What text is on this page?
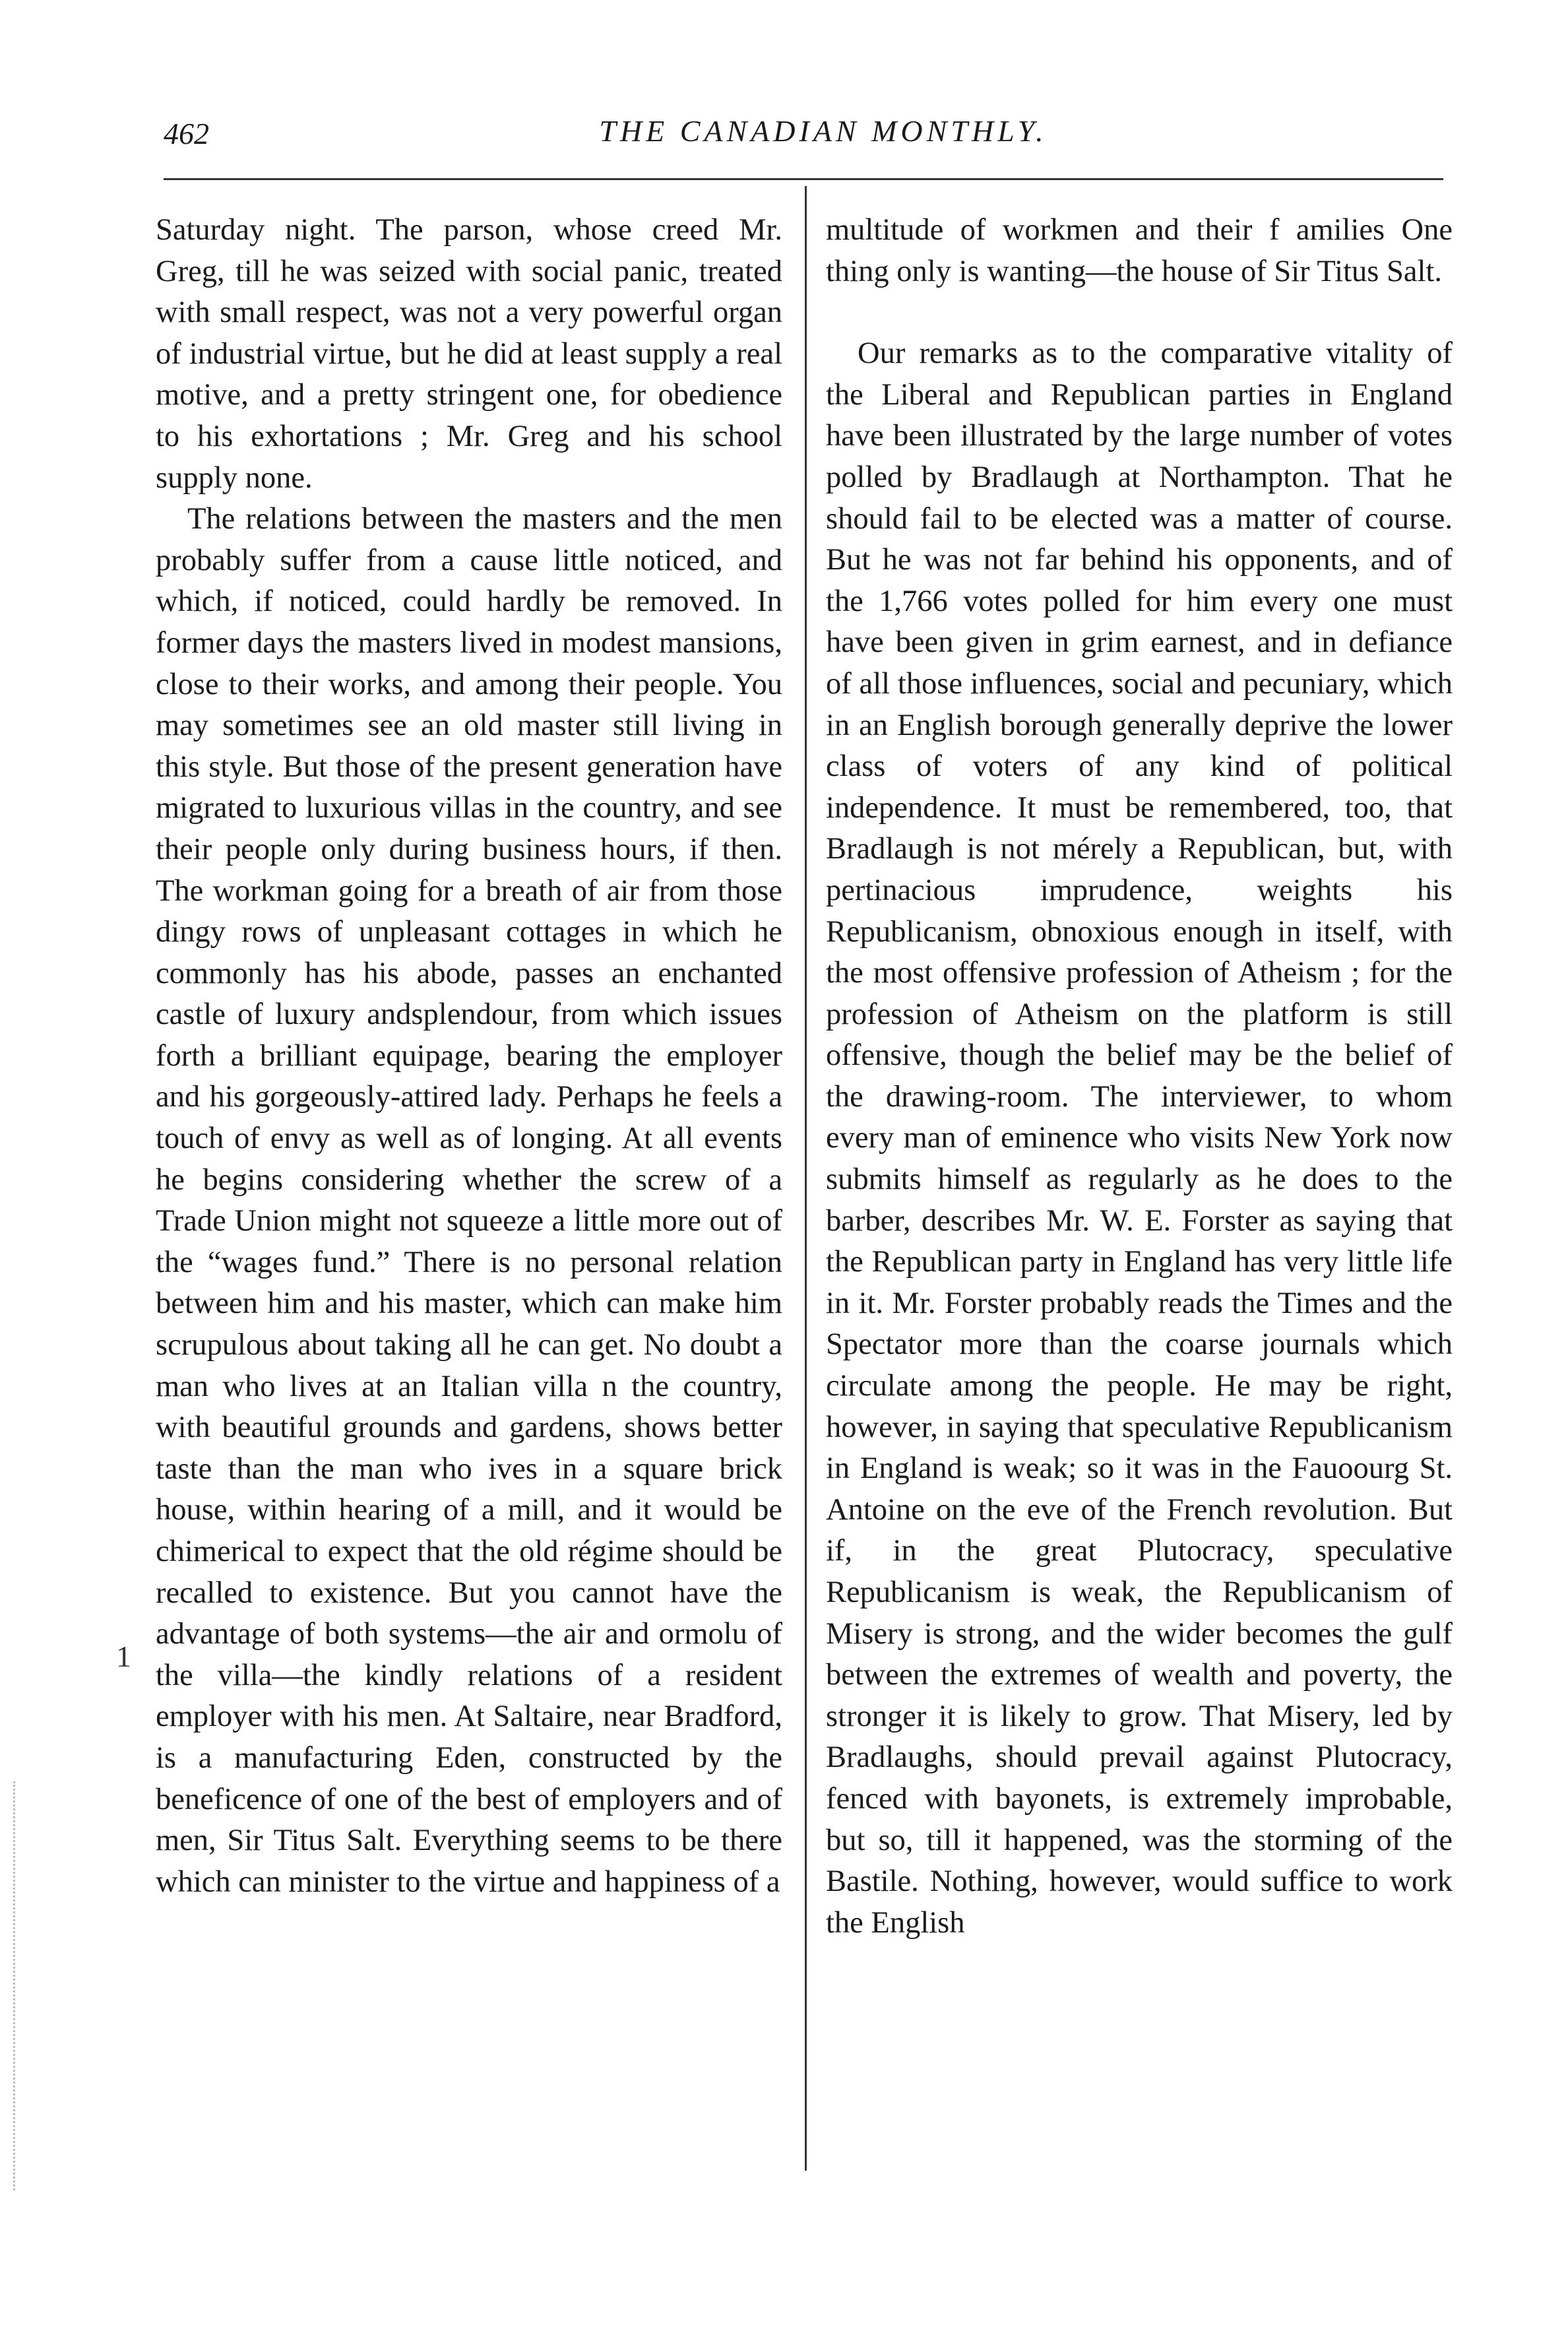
462	THE CANADIAN MONTHLY.

Saturday night. The parson, whose creed Mr. Greg, till he was seized with social panic, treated with small respect, was not a very powerful organ of industrial virtue, but he did at least supply a real motive, and a pretty stringent one, for obedience to his exhortations ; Mr. Greg and his school supply none.

The relations between the masters and the men probably suffer from a cause little noticed, and which, if noticed, could hardly be removed. In former days the masters lived in modest mansions, close to their works, and among their people. You may sometimes see an old master still living in this style. But those of the present generation have migrated to luxurious villas in the country, and see their people only during business hours, if then. The workman going for a breath of air from those dingy rows of unpleasant cottages in which he commonly has his abode, passes an enchanted castle of luxury andsplendour, from which issues forth a brilliant equipage, bearing the employer and his gorgeously-attired lady. Perhaps he feels a touch of envy as well as of longing. At all events he begins considering whether the screw of a Trade Union might not squeeze a little more out of the “wages fund.” There is no personal relation between him and his master, which can make him scrupulous about taking all he can get. No doubt a man who lives at an Italian villa n the country, with beautiful grounds and gardens, shows better taste than the man who ives in a square brick house, within hearing of a mill, and it would be chimerical to expect that the old régime should be recalled to existence. But you cannot have the advantage of both systems—the air and ormolu of the villa—the kindly relations of a resident employer with his men. At Saltaire, near Bradford, is a manufacturing Eden, constructed by the beneficence of one of the best of employers and of men, Sir Titus Salt. Everything seems to be there which can minister to the virtue and happiness of a

multitude of workmen and their f amilies One thing only is wanting—the house of Sir Titus Salt.

Our remarks as to the comparative vitality of the Liberal and Republican parties in England have been illustrated by the large number of votes polled by Bradlaugh at Northampton. That he should fail to be elected was a matter of course. But he was not far behind his opponents, and of the 1,766 votes polled for him every one must have been given in grim earnest, and in defiance of all those influences, social and pecuniary, which in an English borough generally deprive the lower class of voters of any kind of political independence. It must be remembered, too, that Bradlaugh is not mérely a Republican, but, with pertinacious imprudence, weights his Republicanism, obnoxious enough in itself, with the most offensive profession of Atheism ; for the profession of Atheism on the platform is still offensive, though the belief may be the belief of the drawing-room. The interviewer, to whom every man of eminence who visits New York now submits himself as regularly as he does to the barber, describes Mr. W. E. Forster as saying that the Republican party in England has very little life in it. Mr. Forster probably reads the Times and the Spectator more than the coarse journals which circulate among the people. He may be right, however, in saying that speculative Republicanism in England is weak; so it was in the Fauoourg St. Antoine on the eve of the French revolution. But if, in the great Plutocracy, speculative Republicanism is weak, the Republicanism of Misery is strong, and the wider becomes the gulf between the extremes of wealth and poverty, the stronger it is likely to grow. That Misery, led by Bradlaughs, should prevail against Plutocracy, fenced with bayonets, is extremely improbable, but so, till it happened, was the storming of the Bastile. Nothing, however, would suffice to work the English

1
